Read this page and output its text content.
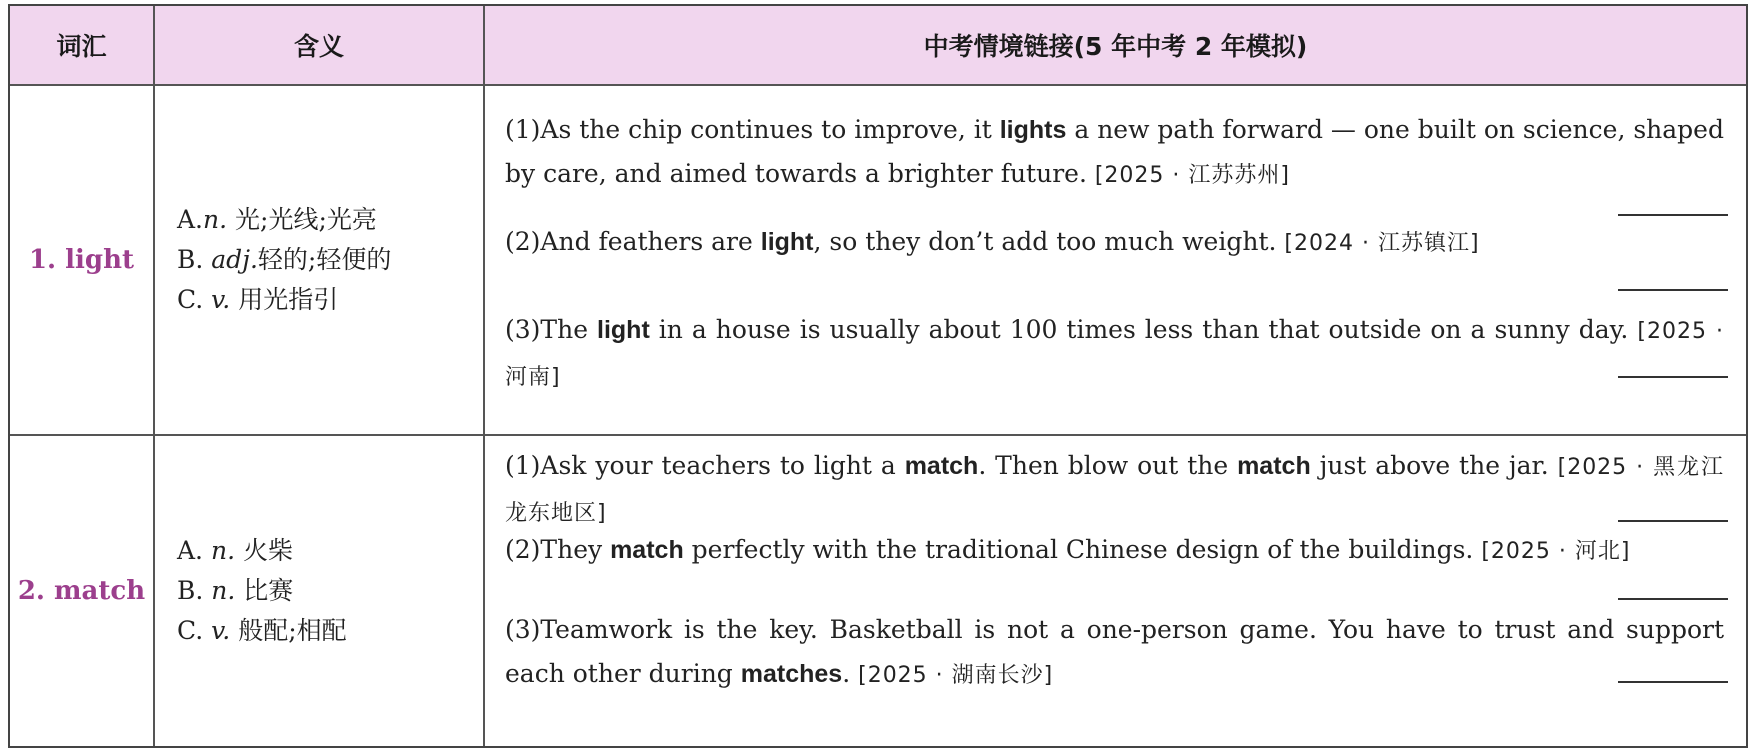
词汇	含义	中考情境链接(5 年中考 2 年模拟)
1. light
A.n. 光;光线;光亮
B. adj.轻的;轻便的
C. v. 用光指引
(1)As the chip continues to improve, it lights a new path forward — one built on science, shaped by care, and aimed towards a brighter future. [2025 · 江苏苏州]
(2)And feathers are light, so they don’t add too much weight. [2024 · 江苏镇江]
(3)The light in a house is usually about 100 times less than that outside on a sunny day. [2025 · 河南]
2. match
A. n. 火柴
B. n. 比赛
C. v. 般配;相配
(1)Ask your teachers to light a match. Then blow out the match just above the jar. [2025 · 黑龙江龙东地区]
(2)They match perfectly with the traditional Chinese design of the buildings. [2025 · 河北]
(3)Teamwork is the key. Basketball is not a one-person game. You have to trust and support each other during matches. [2025 · 湖南长沙]
